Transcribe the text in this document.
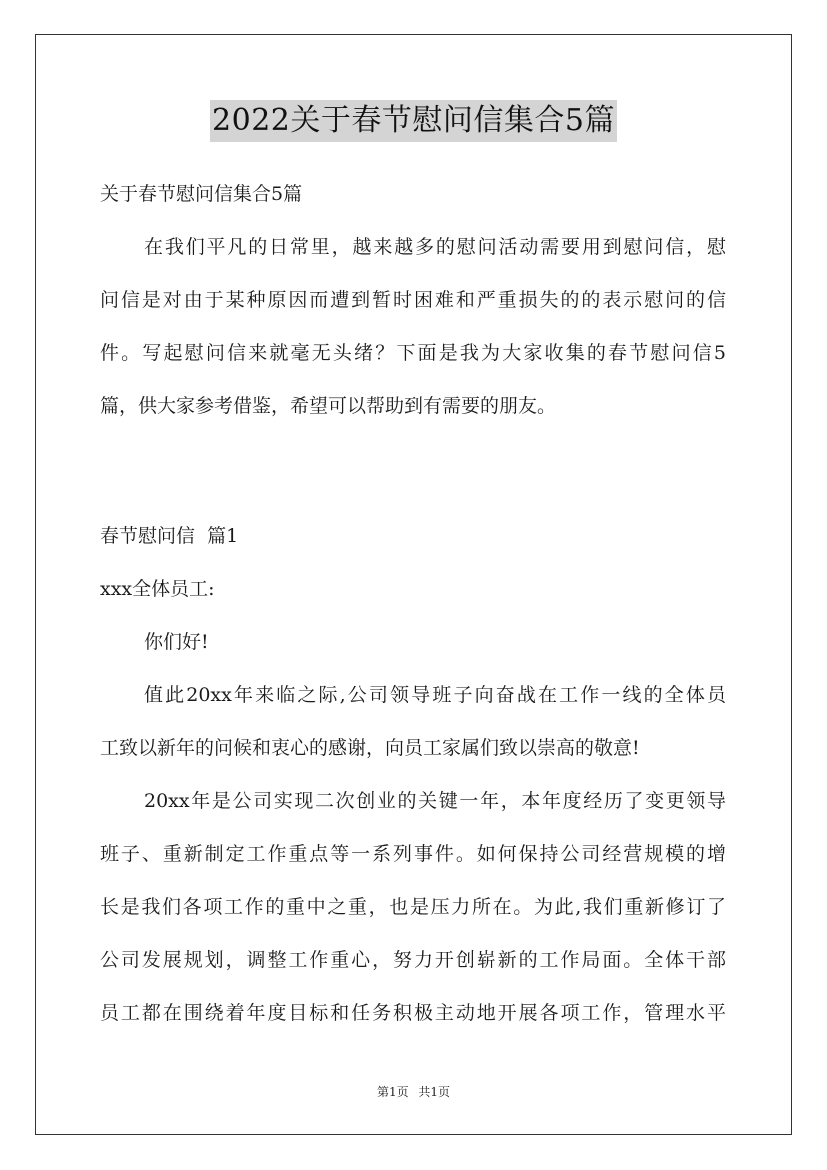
2022关于春节慰问信集合5篇
关于春节慰问信集合5篇
在我们平凡的日常里，越来越多的慰问活动需要用到慰问信，慰
问信是对由于某种原因而遭到暂时困难和严重损失的的表示慰问的信
件。写起慰问信来就毫无头绪？下面是我为大家收集的春节慰问信5
篇，供大家参考借鉴，希望可以帮助到有需要的朋友。
春节慰问信  篇1
xxx全体员工:
你们好!
值此20xx年来临之际,公司领导班子向奋战在工作一线的全体员
工致以新年的问候和衷心的感谢，向员工家属们致以崇高的敬意!
20xx年是公司实现二次创业的关键一年，本年度经历了变更领导
班子、重新制定工作重点等一系列事件。如何保持公司经营规模的增
长是我们各项工作的重中之重，也是压力所在。为此,我们重新修订了
公司发展规划，调整工作重心，努力开创崭新的工作局面。全体干部
员工都在围绕着年度目标和任务积极主动地开展各项工作，管理水平
第1页 共1页
